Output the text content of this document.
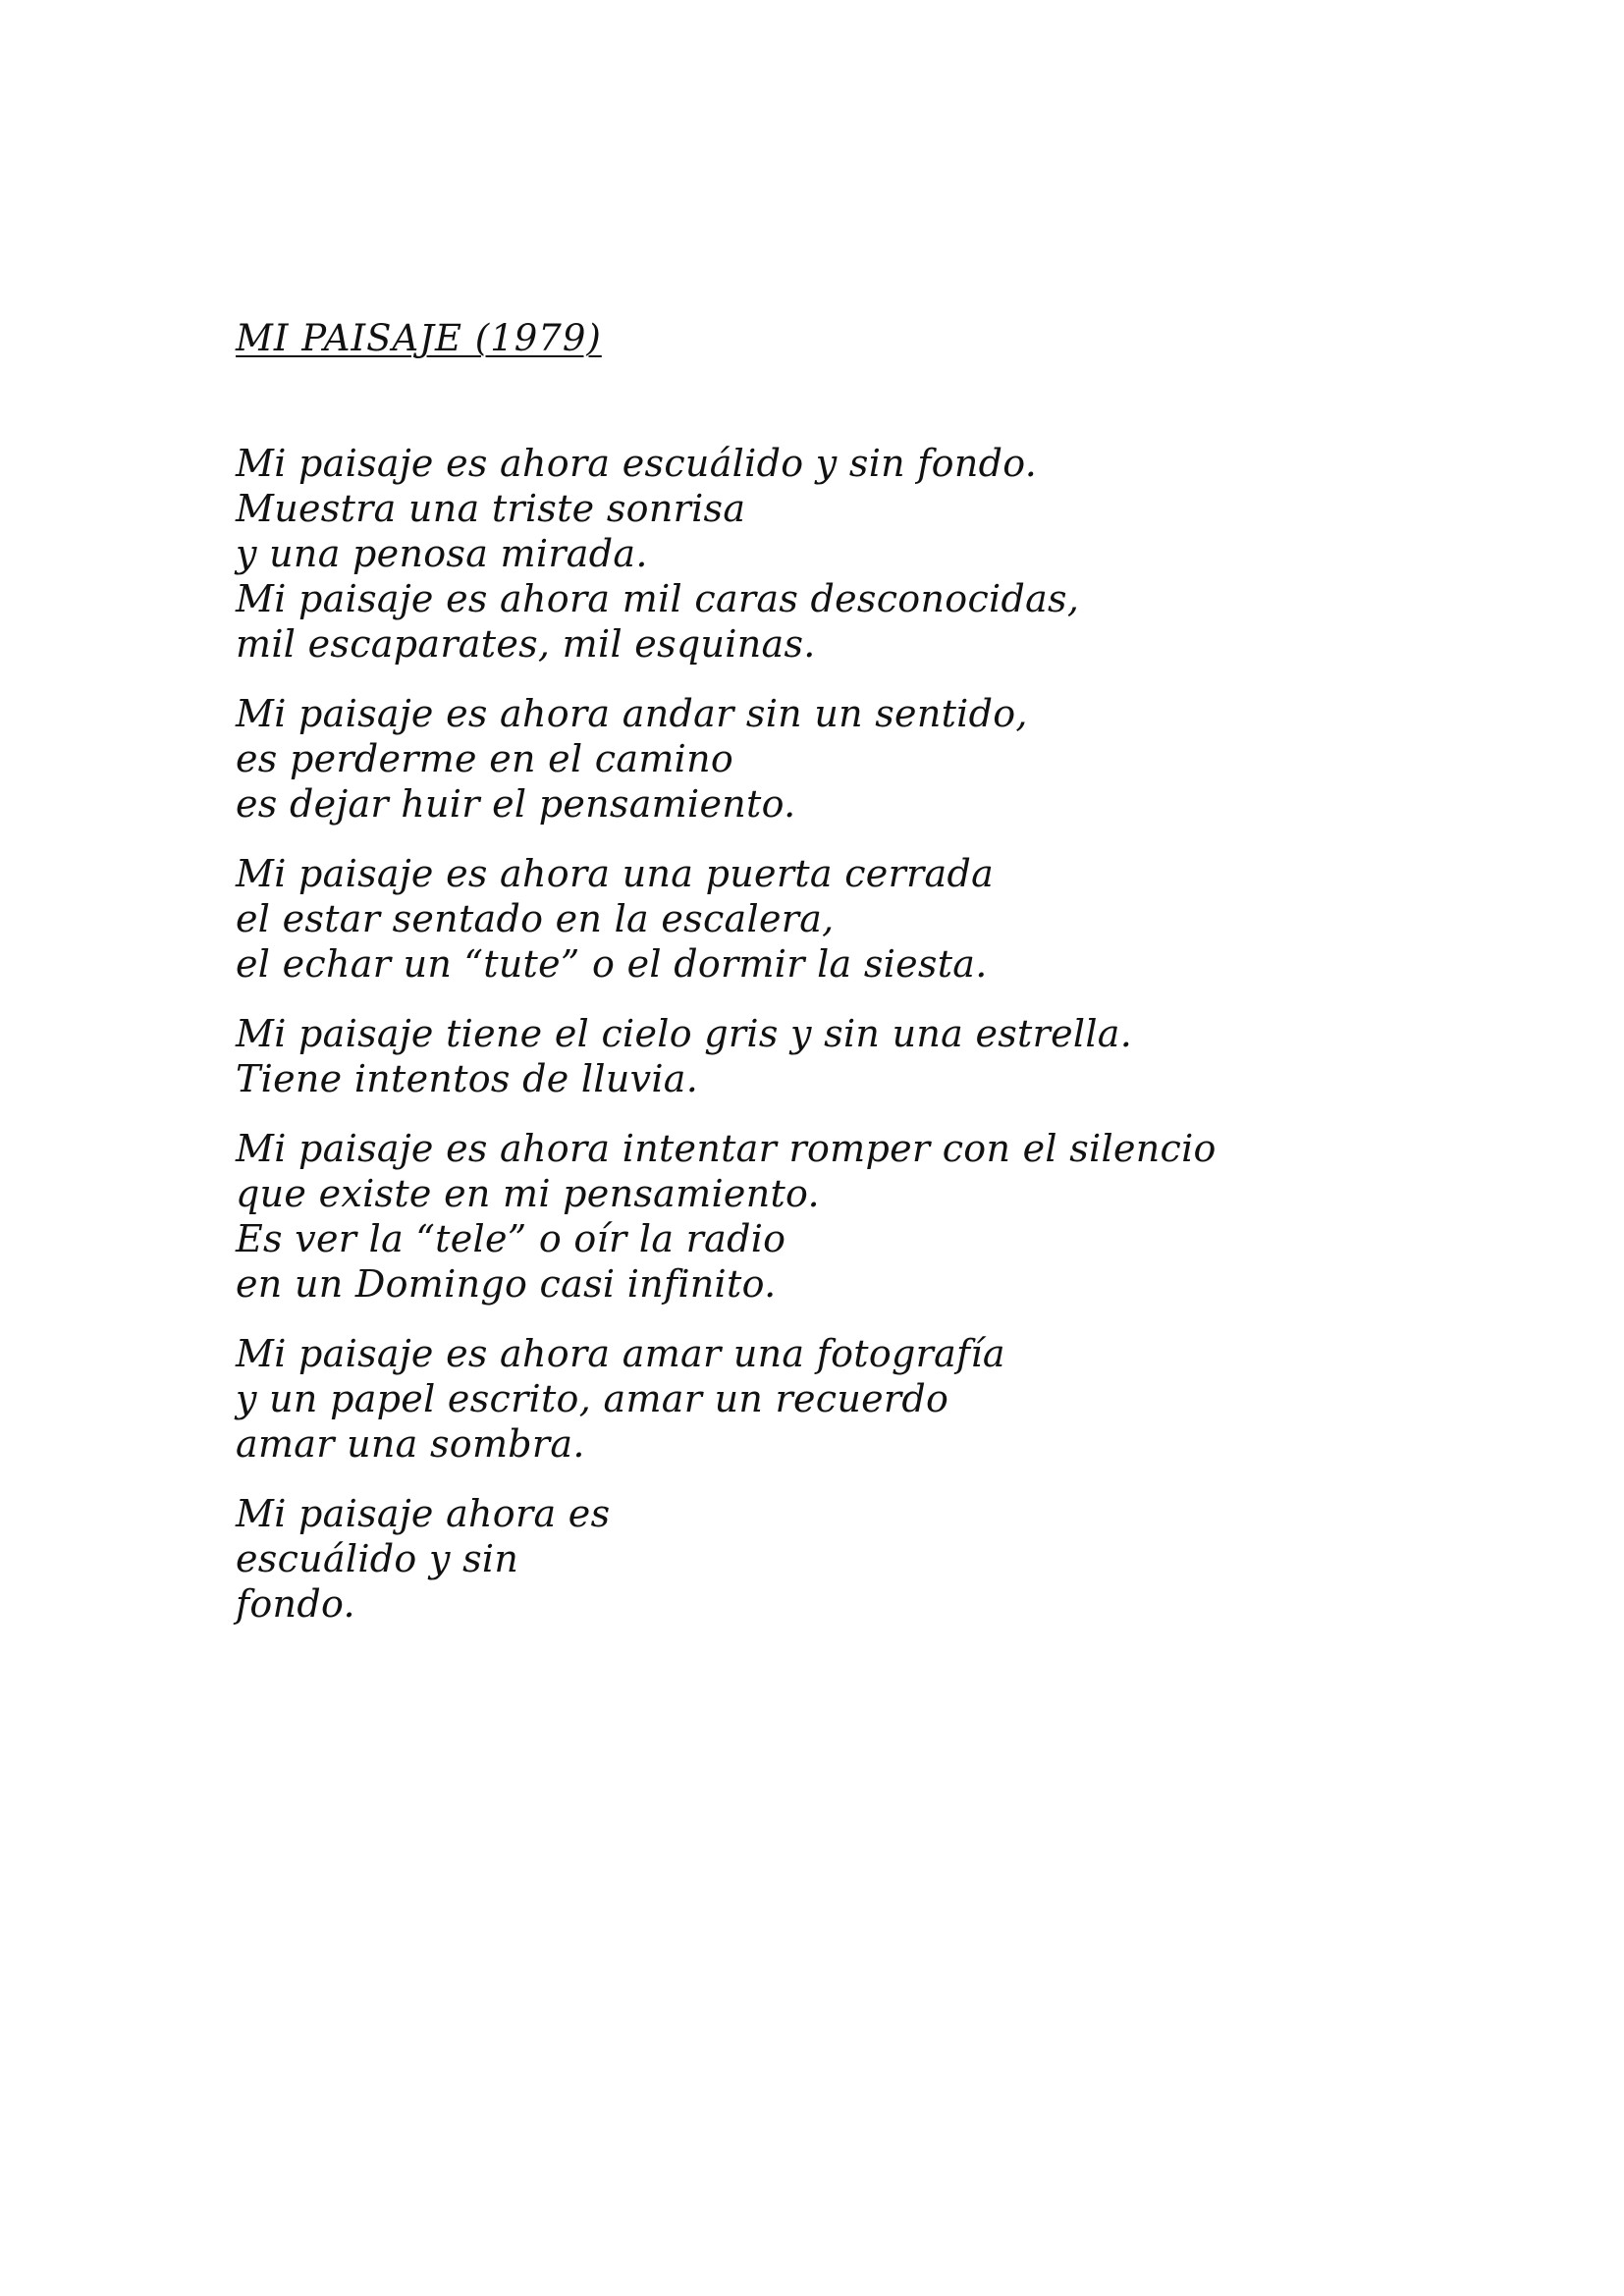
MI PAISAJE (1979)
Mi paisaje es ahora escuálido y sin fondo.
Muestra una triste sonrisa
y una penosa mirada.
Mi paisaje es ahora mil caras desconocidas,
mil escaparates, mil esquinas.
Mi paisaje es ahora andar sin un sentido,
es perderme en el camino
es dejar huir el pensamiento.
Mi paisaje es ahora una puerta cerrada
el estar sentado en la escalera,
el echar un “tute” o el dormir la siesta.
Mi paisaje tiene el cielo gris y sin una estrella.
Tiene intentos de lluvia.
Mi paisaje es ahora intentar romper con el silencio
que existe en mi pensamiento.
Es ver la “tele” o oír la radio
en un Domingo casi infinito.
Mi paisaje es ahora amar una fotografía
y un papel escrito, amar un recuerdo
amar una sombra.
Mi paisaje ahora es
escuálido y sin
fondo.
